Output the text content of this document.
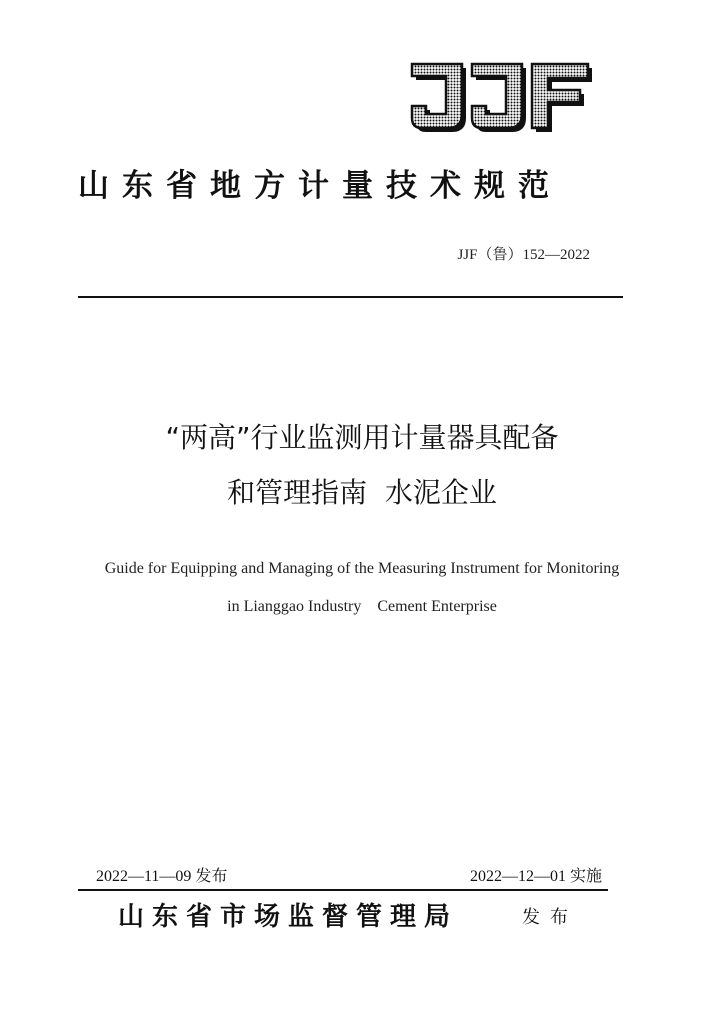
山东省地方计量技术规范
JJF（鲁）152—2022
“两高”行业监测用计量器具配备
和管理指南  水泥企业
Guide for Equipping and Managing of the Measuring Instrument for Monitoring
in Lianggao Industry    Cement Enterprise
2022—11—09 发布	2022—12—01 实施
山东省市场监督管理局	发布
